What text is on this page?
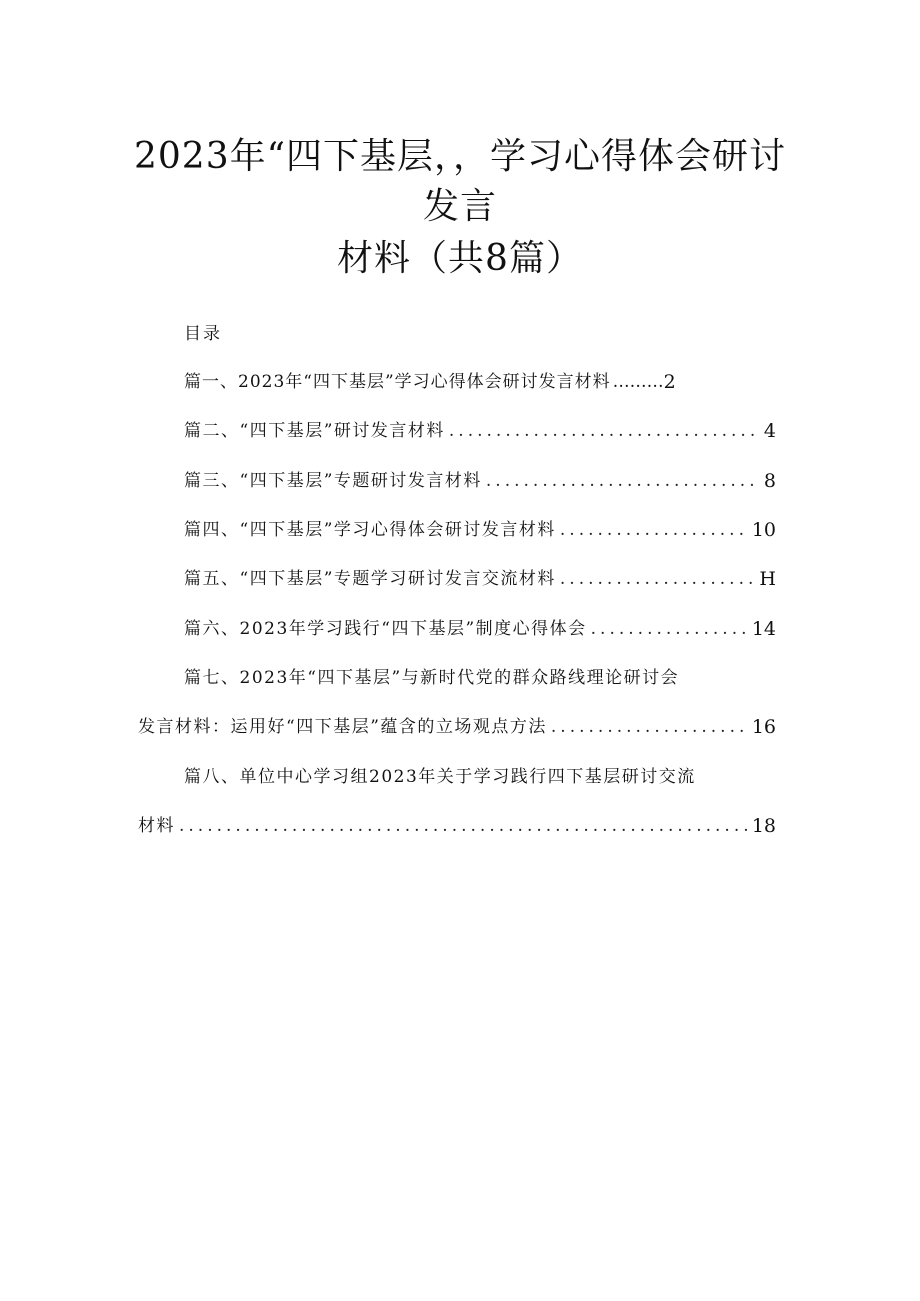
2023年“四下基层，，学习心得体会研讨
发言
材料（共8篇）
目录
篇一、2023年“四下基层”学习心得体会研讨发言材料 ……… 2
篇二、“四下基层”研讨发言材料 .....	4
篇三、“四下基层”专题研讨发言材料 .....	8
篇四、“四下基层”学习心得体会研讨发言材料 .....	10
篇五、“四下基层”专题学习研讨发言交流材料 .....	H
篇六、2023年学习践行“四下基层”制度心得体会 .....	14
篇七、2023年“四下基层”与新时代党的群众路线理论研讨会
发言材料：运用好“四下基层”蕴含的立场观点方法 .....	16
篇八、单位中心学习组2023年关于学习践行四下基层研讨交流
材料 .....	18
